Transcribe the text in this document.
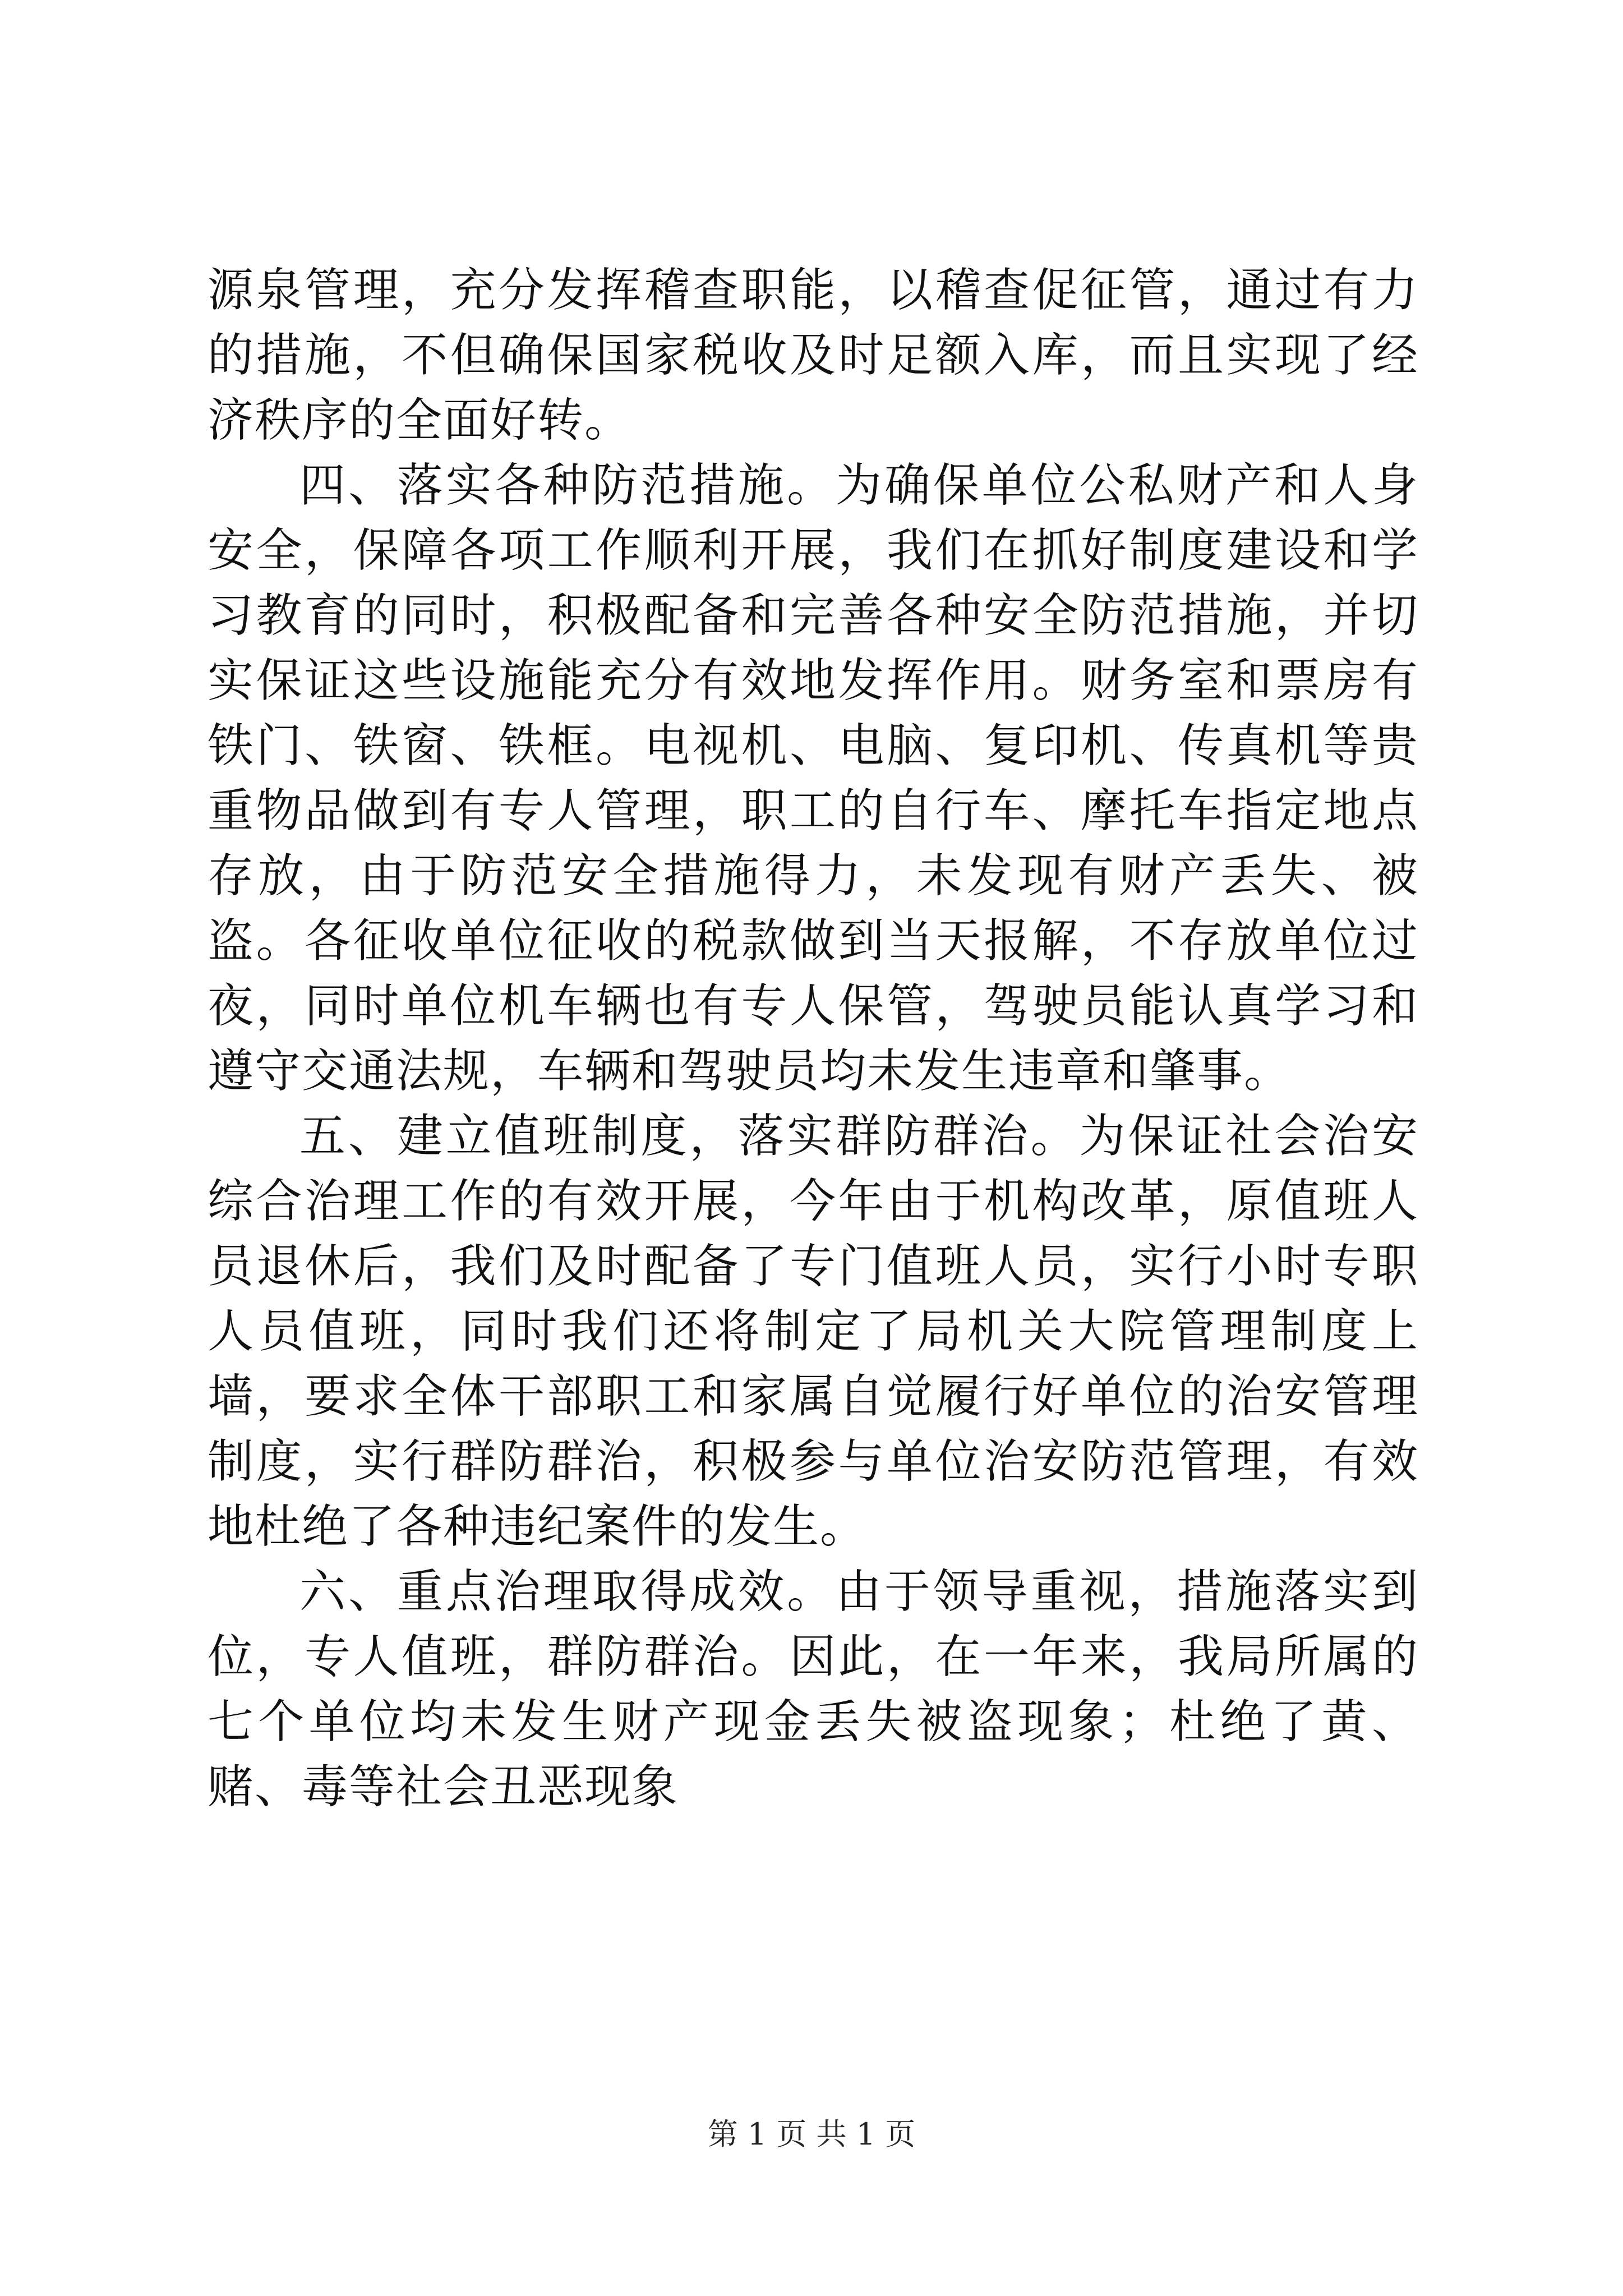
源泉管理，充分发挥稽查职能，以稽查促征管，通过有力的措施，不但确保国家税收及时足额入库，而且实现了经济秩序的全面好转。

四、落实各种防范措施。为确保单位公私财产和人身安全，保障各项工作顺利开展，我们在抓好制度建设和学习教育的同时，积极配备和完善各种安全防范措施，并切实保证这些设施能充分有效地发挥作用。财务室和票房有铁门、铁窗、铁框。电视机、电脑、复印机、传真机等贵重物品做到有专人管理，职工的自行车、摩托车指定地点存放，由于防范安全措施得力，未发现有财产丢失、被盗。各征收单位征收的税款做到当天报解，不存放单位过夜，同时单位机车辆也有专人保管，驾驶员能认真学习和遵守交通法规，车辆和驾驶员均未发生违章和肇事。

五、建立值班制度，落实群防群治。为保证社会治安综合治理工作的有效开展，今年由于机构改革，原值班人员退休后，我们及时配备了专门值班人员，实行小时专职人员值班，同时我们还将制定了局机关大院管理制度上墙，要求全体干部职工和家属自觉履行好单位的治安管理制度，实行群防群治，积极参与单位治安防范管理，有效地杜绝了各种违纪案件的发生。

六、重点治理取得成效。由于领导重视，措施落实到位，专人值班，群防群治。因此，在一年来，我局所属的七个单位均未发生财产现金丢失被盗现象；杜绝了黄、赌、毒等社会丑恶现象

第 1 页 共 1 页
